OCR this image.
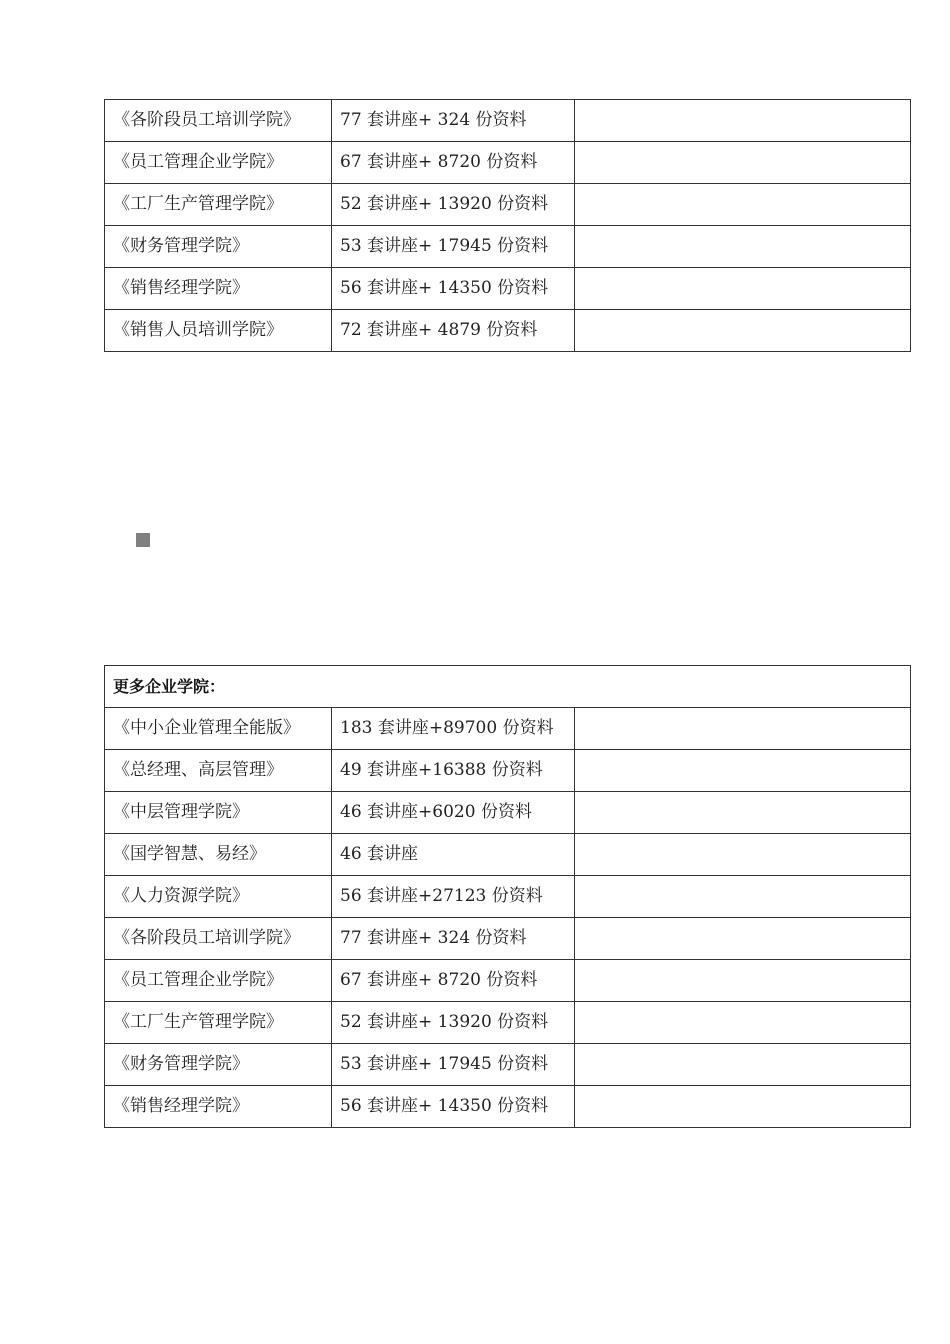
《各阶段员工培训学院》	77 套讲座+ 324 份资料	
《员工管理企业学院》	67 套讲座+ 8720 份资料	
《工厂生产管理学院》	52 套讲座+ 13920 份资料	
《财务管理学院》	53 套讲座+ 17945 份资料	
《销售经理学院》	56 套讲座+ 14350 份资料	
《销售人员培训学院》	72 套讲座+ 4879 份资料	
更多企业学院：		
《中小企业管理全能版》	183 套讲座+89700 份资料	
《总经理、高层管理》	49 套讲座+16388 份资料	
《中层管理学院》	46 套讲座+6020 份资料	
《国学智慧、易经》	46 套讲座	
《人力资源学院》	56 套讲座+27123 份资料	
《各阶段员工培训学院》	77 套讲座+ 324 份资料	
《员工管理企业学院》	67 套讲座+ 8720 份资料	
《工厂生产管理学院》	52 套讲座+ 13920 份资料	
《财务管理学院》	53 套讲座+ 17945 份资料	
《销售经理学院》	56 套讲座+ 14350 份资料	
